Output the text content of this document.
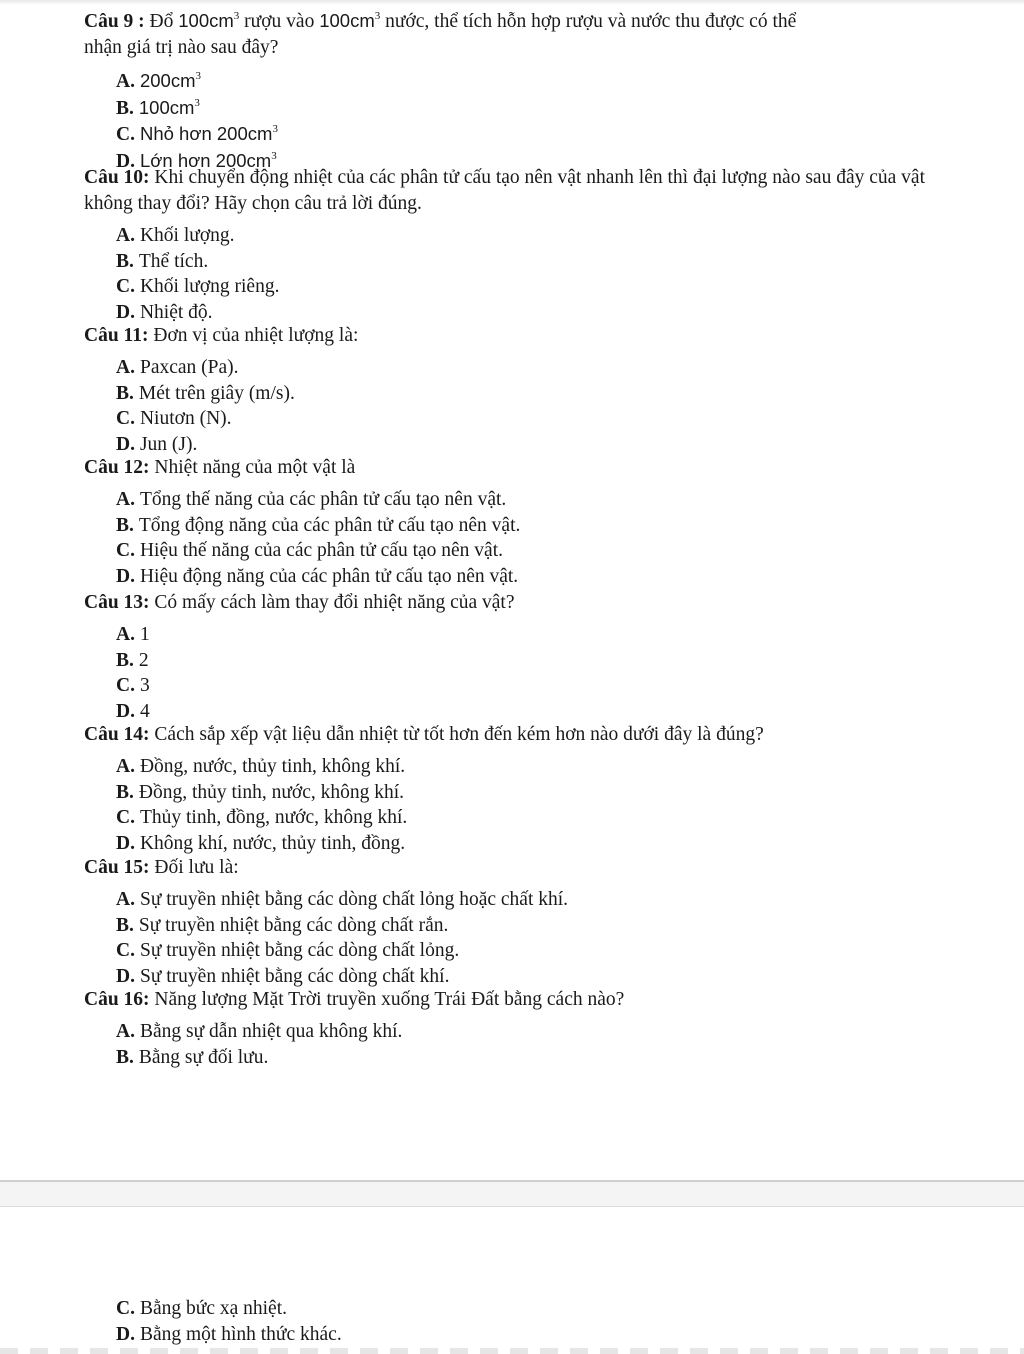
Câu 9 : Đổ $100cm^3$ rượu vào $100cm^3$ nước, thể tích hỗn hợp rượu và nước thu được có thể
nhận giá trị nào sau đây?

A. $200cm^3$
B. $100cm^3$
C. Nhỏ hơn $200cm^3$
D. Lớn hơn $200cm^3$

Câu 10: Khi chuyển động nhiệt của các phân tử cấu tạo nên vật nhanh lên thì đại lượng nào sau đây của vật không thay đổi? Hãy chọn câu trả lời đúng.

A. Khối lượng.
B. Thể tích.
C. Khối lượng riêng.
D. Nhiệt độ.

Câu 11: Đơn vị của nhiệt lượng là:

A. Paxcan (Pa).
B. Mét trên giây (m/s).
C. Niutơn (N).
D. Jun (J).

Câu 12: Nhiệt năng của một vật là

A. Tổng thế năng của các phân tử cấu tạo nên vật.
B. Tổng động năng của các phân tử cấu tạo nên vật.
C. Hiệu thế năng của các phân tử cấu tạo nên vật.
D. Hiệu động năng của các phân tử cấu tạo nên vật.

Câu 13: Có mấy cách làm thay đổi nhiệt năng của vật?

A. 1
B. 2
C. 3
D. 4

Câu 14: Cách sắp xếp vật liệu dẫn nhiệt từ tốt hơn đến kém hơn nào dưới đây là đúng?

A. Đồng, nước, thủy tinh, không khí.
B. Đồng, thủy tinh, nước, không khí.
C. Thủy tinh, đồng, nước, không khí.
D. Không khí, nước, thủy tinh, đồng.

Câu 15: Đối lưu là:

A. Sự truyền nhiệt bằng các dòng chất lỏng hoặc chất khí.
B. Sự truyền nhiệt bằng các dòng chất rắn.
C. Sự truyền nhiệt bằng các dòng chất lỏng.
D. Sự truyền nhiệt bằng các dòng chất khí.

Câu 16: Năng lượng Mặt Trời truyền xuống Trái Đất bằng cách nào?

A. Bằng sự dẫn nhiệt qua không khí.
B. Bằng sự đối lưu.
C. Bằng bức xạ nhiệt.
D. Bằng một hình thức khác.
